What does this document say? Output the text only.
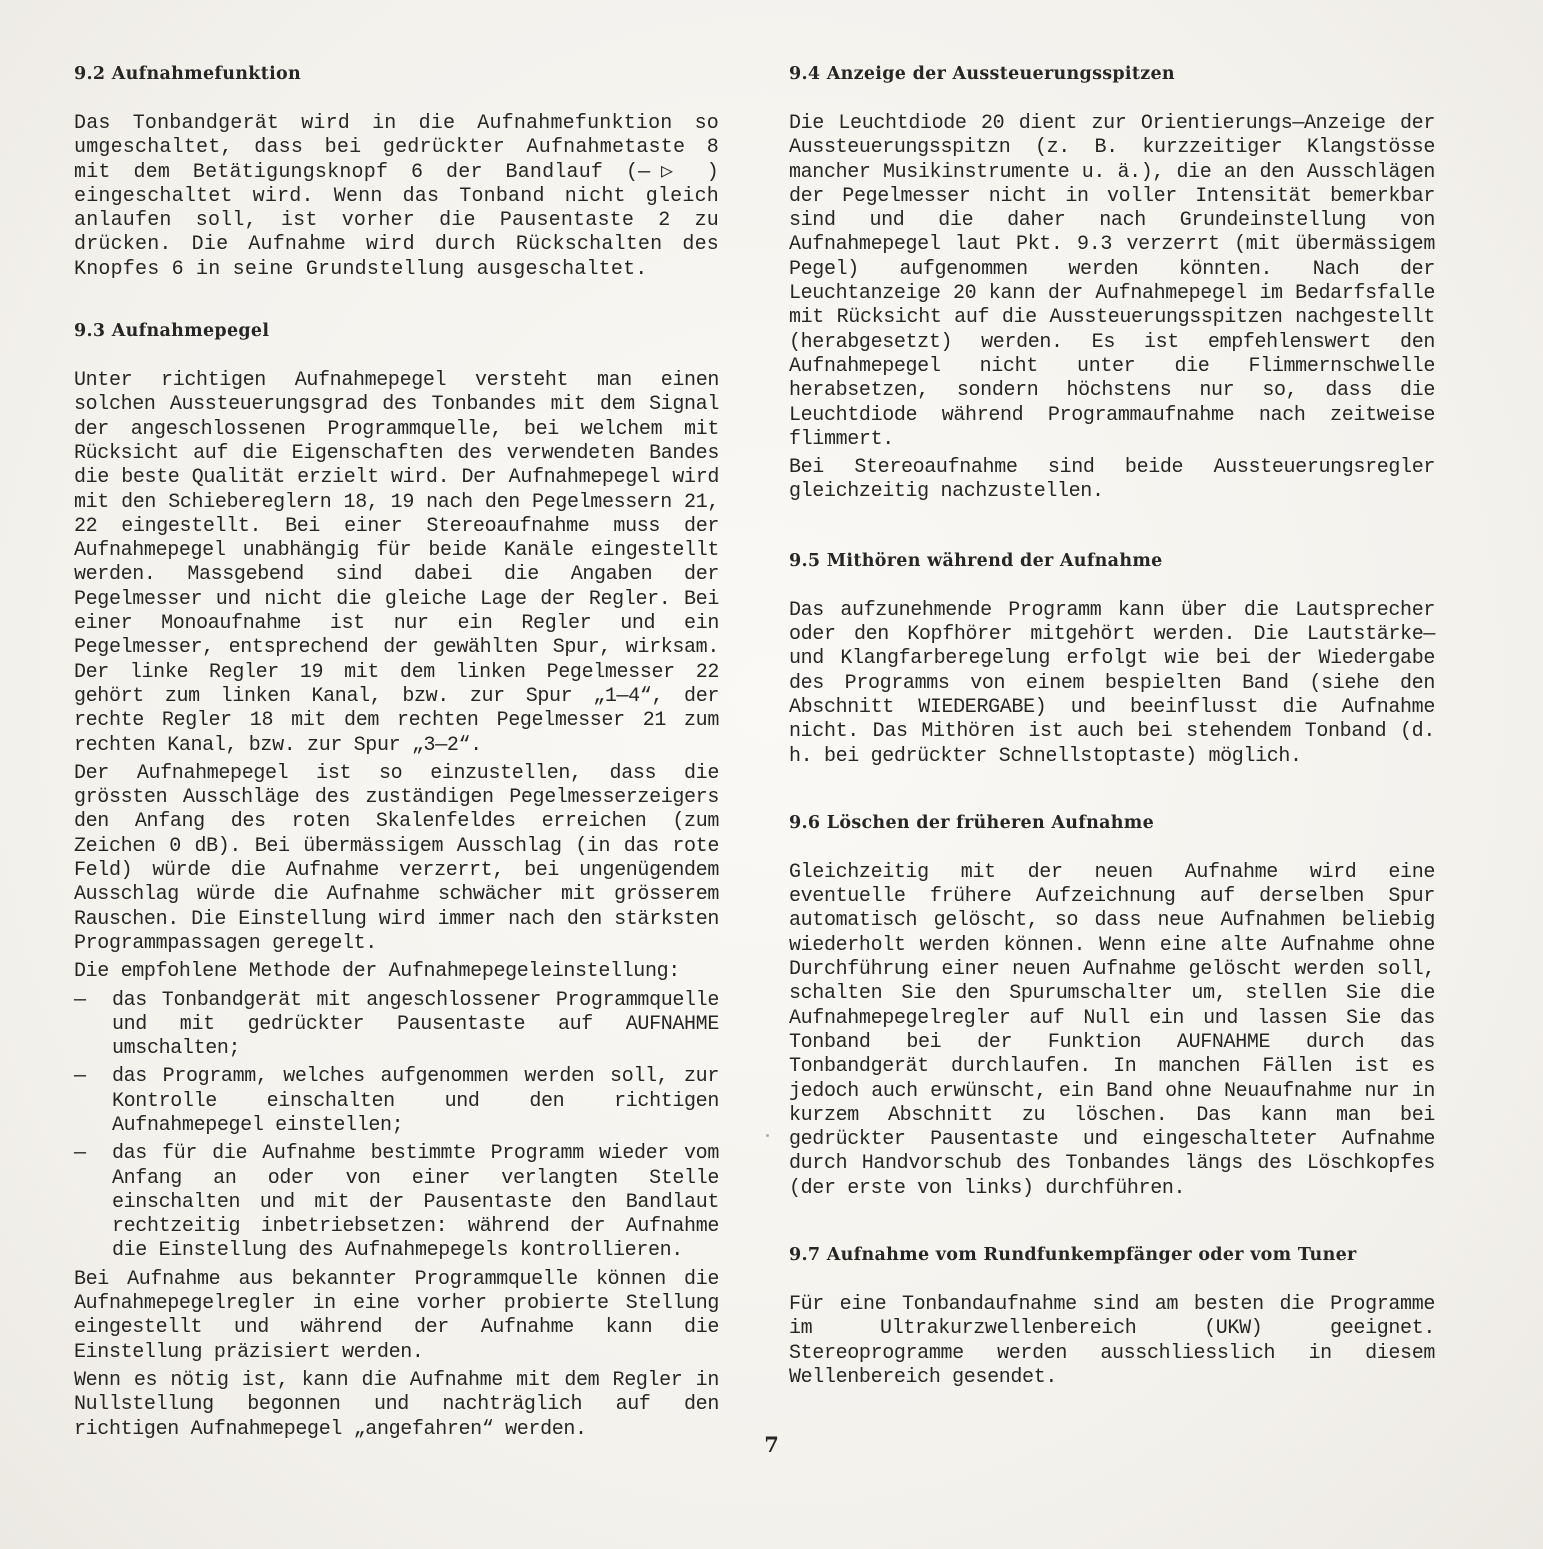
9.2 Aufnahmefunktion

Das Tonbandgerät wird in die Aufnahmefunktion so umgeschaltet, dass bei gedrückter Aufnahmetaste 8 mit dem Betätigungsknopf 6 der Bandlauf (—▷ ) eingeschaltet wird. Wenn das Tonband nicht gleich anlaufen soll, ist vorher die Pausentaste 2 zu drücken. Die Aufnahme wird durch Rückschalten des Knopfes 6 in seine Grundstellung ausgeschaltet.

9.3 Aufnahmepegel

Unter richtigen Aufnahmepegel versteht man einen solchen Aussteuerungsgrad des Tonbandes mit dem Signal der angeschlossenen Programmquelle, bei welchem mit Rücksicht auf die Eigenschaften des verwendeten Bandes die beste Qualität erzielt wird. Der Aufnahmepegel wird mit den Schiebereglern 18, 19 nach den Pegelmessern 21, 22 eingestellt. Bei einer Stereoaufnahme muss der Aufnahmepegel unabhängig für beide Kanäle eingestellt werden. Massgebend sind dabei die Angaben der Pegelmesser und nicht die gleiche Lage der Regler. Bei einer Monoaufnahme ist nur ein Regler und ein Pegelmesser, entsprechend der gewählten Spur, wirksam. Der linke Regler 19 mit dem linken Pegelmesser 22 gehört zum linken Kanal, bzw. zur Spur „1—4“, der rechte Regler 18 mit dem rechten Pegelmesser 21 zum rechten Kanal, bzw. zur Spur „3—2“.

Der Aufnahmepegel ist so einzustellen, dass die grössten Ausschläge des zuständigen Pegelmesserzeigers den Anfang des roten Skalenfeldes erreichen (zum Zeichen 0 dB). Bei übermässigem Ausschlag (in das rote Feld) würde die Aufnahme verzerrt, bei ungenügendem Ausschlag würde die Aufnahme schwächer mit grösserem Rauschen. Die Einstellung wird immer nach den stärksten Programmpassagen geregelt.

Die empfohlene Methode der Aufnahmepegeleinstellung:

— das Tonbandgerät mit angeschlossener Programmquelle und mit gedrückter Pausentaste auf AUFNAHME umschalten;
— das Programm, welches aufgenommen werden soll, zur Kontrolle einschalten und den richtigen Aufnahmepegel einstellen;
— das für die Aufnahme bestimmte Programm wieder vom Anfang an oder von einer verlangten Stelle einschalten und mit der Pausentaste den Bandlaut rechtzeitig inbetriebsetzen: während der Aufnahme die Einstellung des Aufnahmepegels kontrollieren.

Bei Aufnahme aus bekannter Programmquelle können die Aufnahmepegelregler in eine vorher probierte Stellung eingestellt und während der Aufnahme kann die Einstellung präzisiert werden.

Wenn es nötig ist, kann die Aufnahme mit dem Regler in Nullstellung begonnen und nachträglich auf den richtigen Aufnahmepegel „angefahren“ werden.

9.4 Anzeige der Aussteuerungsspitzen

Die Leuchtdiode 20 dient zur Orientierungs—Anzeige der Aussteuerungsspitzn (z. B. kurzzeitiger Klangstösse mancher Musikinstrumente u. ä.), die an den Ausschlägen der Pegelmesser nicht in voller Intensität bemerkbar sind und die daher nach Grundeinstellung von Aufnahmepegel laut Pkt. 9.3 verzerrt (mit übermässigem Pegel) aufgenommen werden könnten. Nach der Leuchtanzeige 20 kann der Aufnahmepegel im Bedarfsfalle mit Rücksicht auf die Aussteuerungsspitzen nachgestellt (herabgesetzt) werden. Es ist empfehlenswert den Aufnahmepegel nicht unter die Flimmernschwelle herabsetzen, sondern höchstens nur so, dass die Leuchtdiode während Programmaufnahme nach zeitweise flimmert.

Bei Stereoaufnahme sind beide Aussteuerungsregler gleichzeitig nachzustellen.

9.5 Mithören während der Aufnahme

Das aufzunehmende Programm kann über die Lautsprecher oder den Kopfhörer mitgehört werden. Die Lautstärke— und Klangfarberegelung erfolgt wie bei der Wiedergabe des Programms von einem bespielten Band (siehe den Abschnitt WIEDERGABE) und beeinflusst die Aufnahme nicht. Das Mithören ist auch bei stehendem Tonband (d. h. bei gedrückter Schnellstoptaste) möglich.

9.6 Löschen der früheren Aufnahme

Gleichzeitig mit der neuen Aufnahme wird eine eventuelle frühere Aufzeichnung auf derselben Spur automatisch gelöscht, so dass neue Aufnahmen beliebig wiederholt werden können. Wenn eine alte Aufnahme ohne Durchführung einer neuen Aufnahme gelöscht werden soll, schalten Sie den Spurumschalter um, stellen Sie die Aufnahmepegelregler auf Null ein und lassen Sie das Tonband bei der Funktion AUFNAHME durch das Tonbandgerät durchlaufen. In manchen Fällen ist es jedoch auch erwünscht, ein Band ohne Neuaufnahme nur in kurzem Abschnitt zu löschen. Das kann man bei gedrückter Pausentaste und eingeschalteter Aufnahme durch Handvorschub des Tonbandes längs des Löschkopfes (der erste von links) durchführen.

9.7 Aufnahme vom Rundfunkempfänger oder vom Tuner

Für eine Tonbandaufnahme sind am besten die Programme im Ultrakurzwellenbereich (UKW) geeignet. Stereoprogramme werden ausschliesslich in diesem Wellenbereich gesendet.

7
